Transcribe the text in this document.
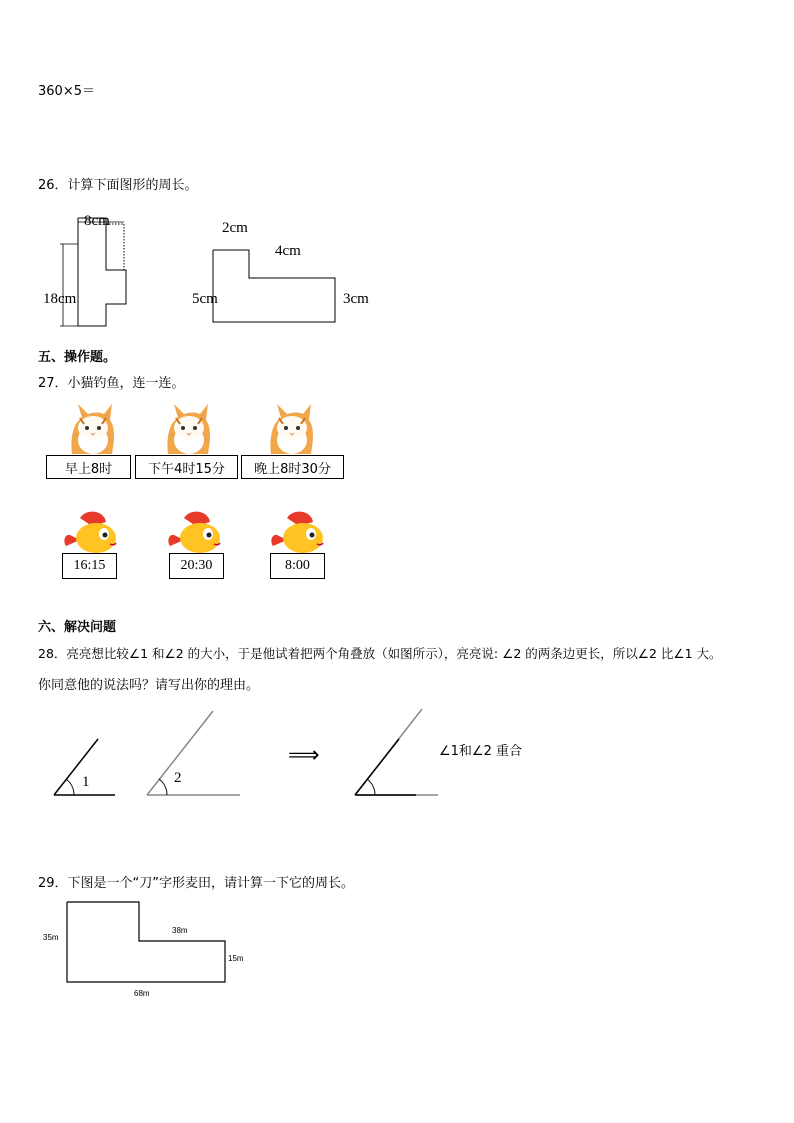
360×5＝
26．计算下面图形的周长。
8cm
18cm
2cm
4cm
5cm	3cm
五、操作题。
27．小猫钓鱼，连一连。
早上8时	下午4时15分	晚上8时30分
16:15	20:30	8:00
六、解决问题
28．亮亮想比较∠1 和∠2 的大小，于是他试着把两个角叠放（如图所示），亮亮说: ∠2 的两条边更长，所以∠2 比∠1 大。
你同意他的说法吗？请写出你的理由。
1	2
⟹	∠1和∠2 重合
29．下图是一个“刀”字形麦田，请计算一下它的周长。
35m
38m
15m
68m
